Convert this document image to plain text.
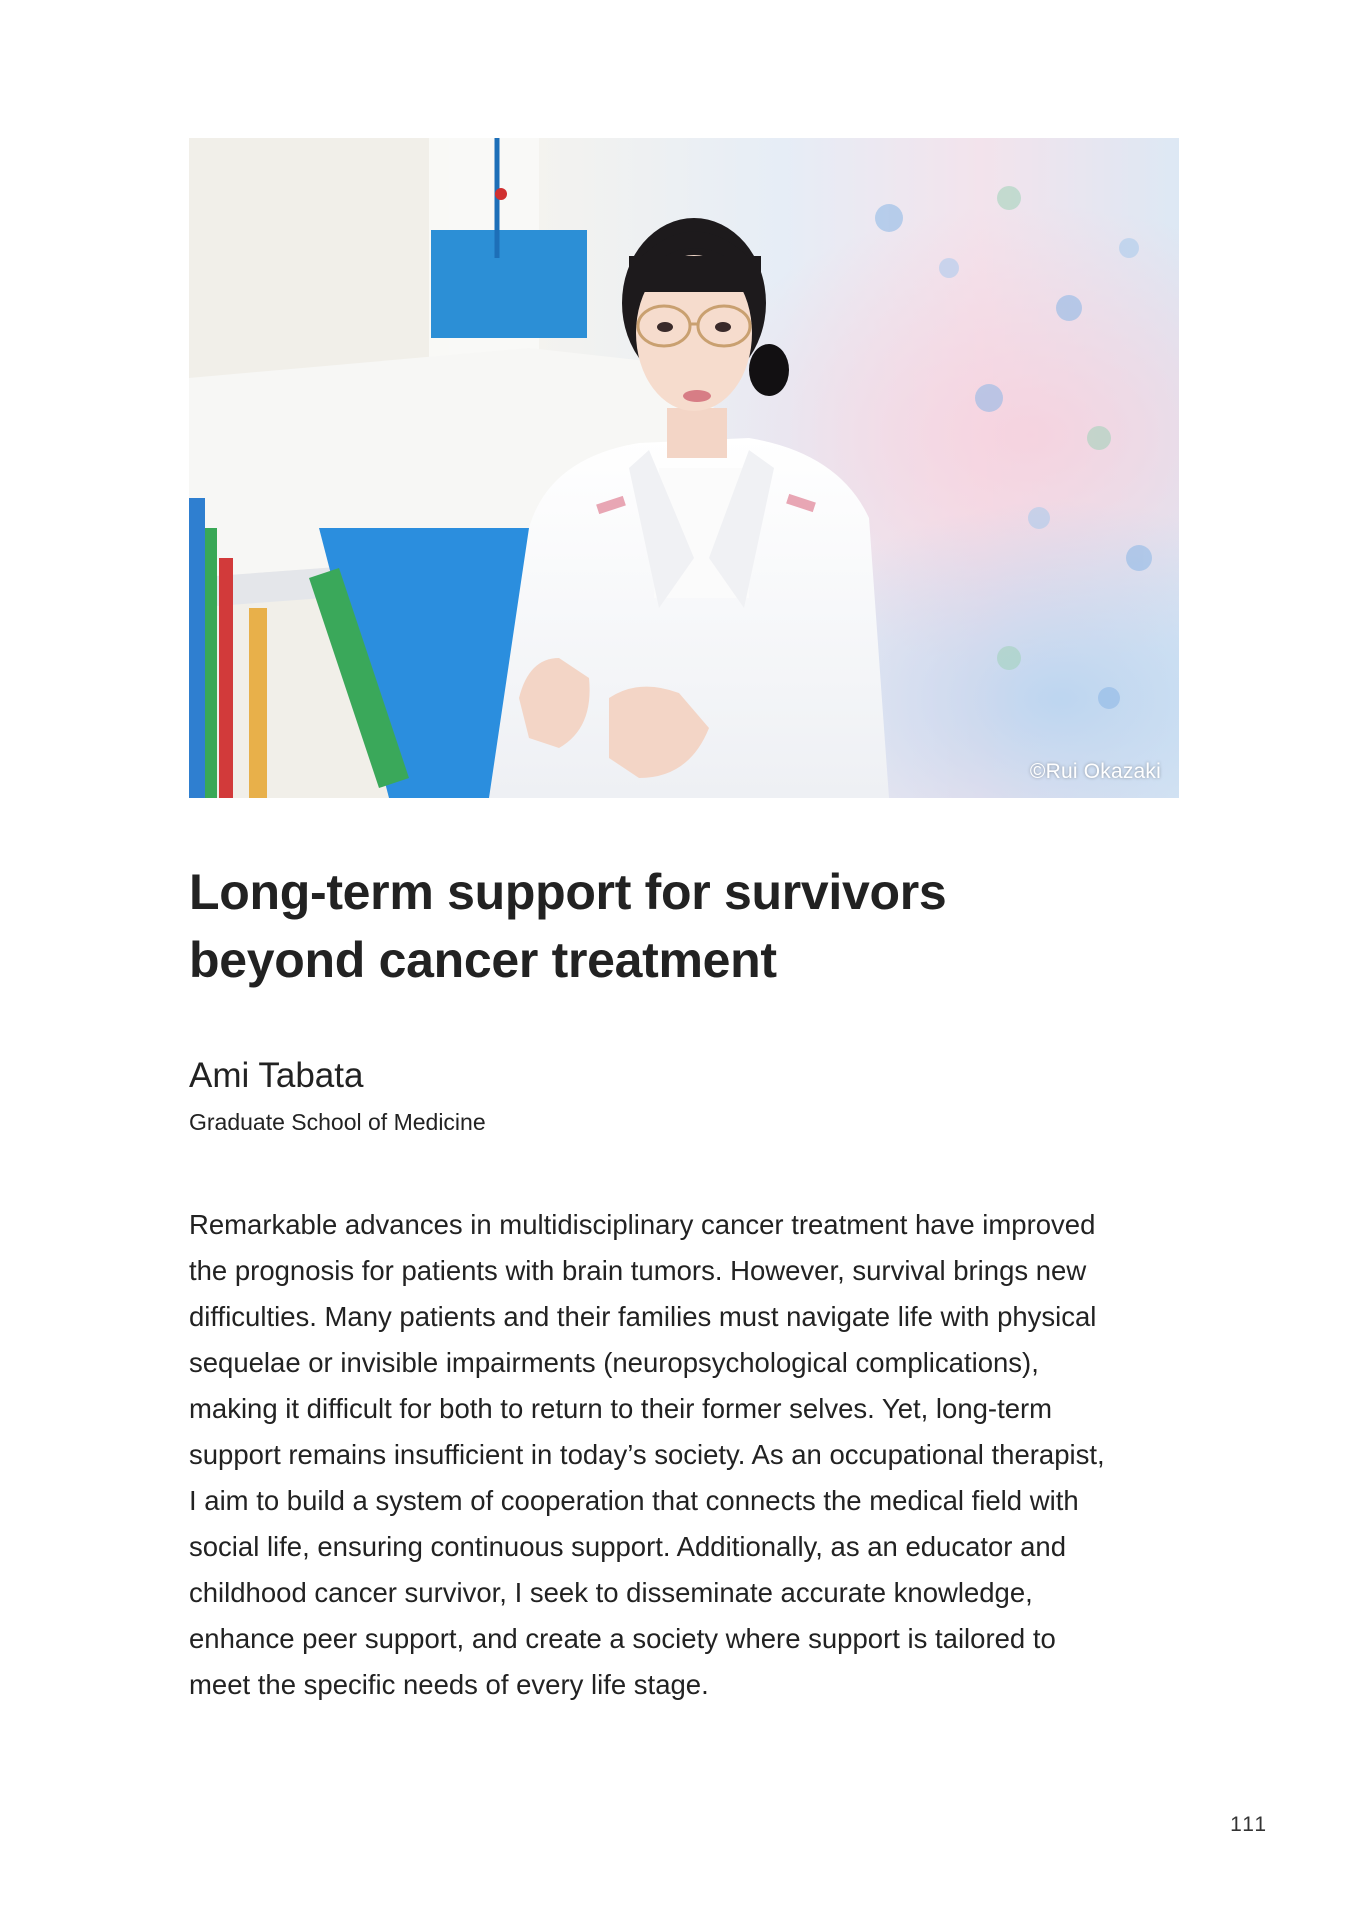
©Rui Okazaki
Long-term support for survivors
beyond cancer treatment
Ami Tabata
Graduate School of Medicine
Remarkable advances in multidisciplinary cancer treatment have improved
the prognosis for patients with brain tumors. However, survival brings new
difficulties. Many patients and their families must navigate life with physical
sequelae or invisible impairments (neuropsychological complications),
making it difficult for both to return to their former selves. Yet, long-term
support remains insufficient in today’s society. As an occupational therapist,
I aim to build a system of cooperation that connects the medical field with
social life, ensuring continuous support. Additionally, as an educator and
childhood cancer survivor, I seek to disseminate accurate knowledge,
enhance peer support, and create a society where support is tailored to
meet the specific needs of every life stage.
111
